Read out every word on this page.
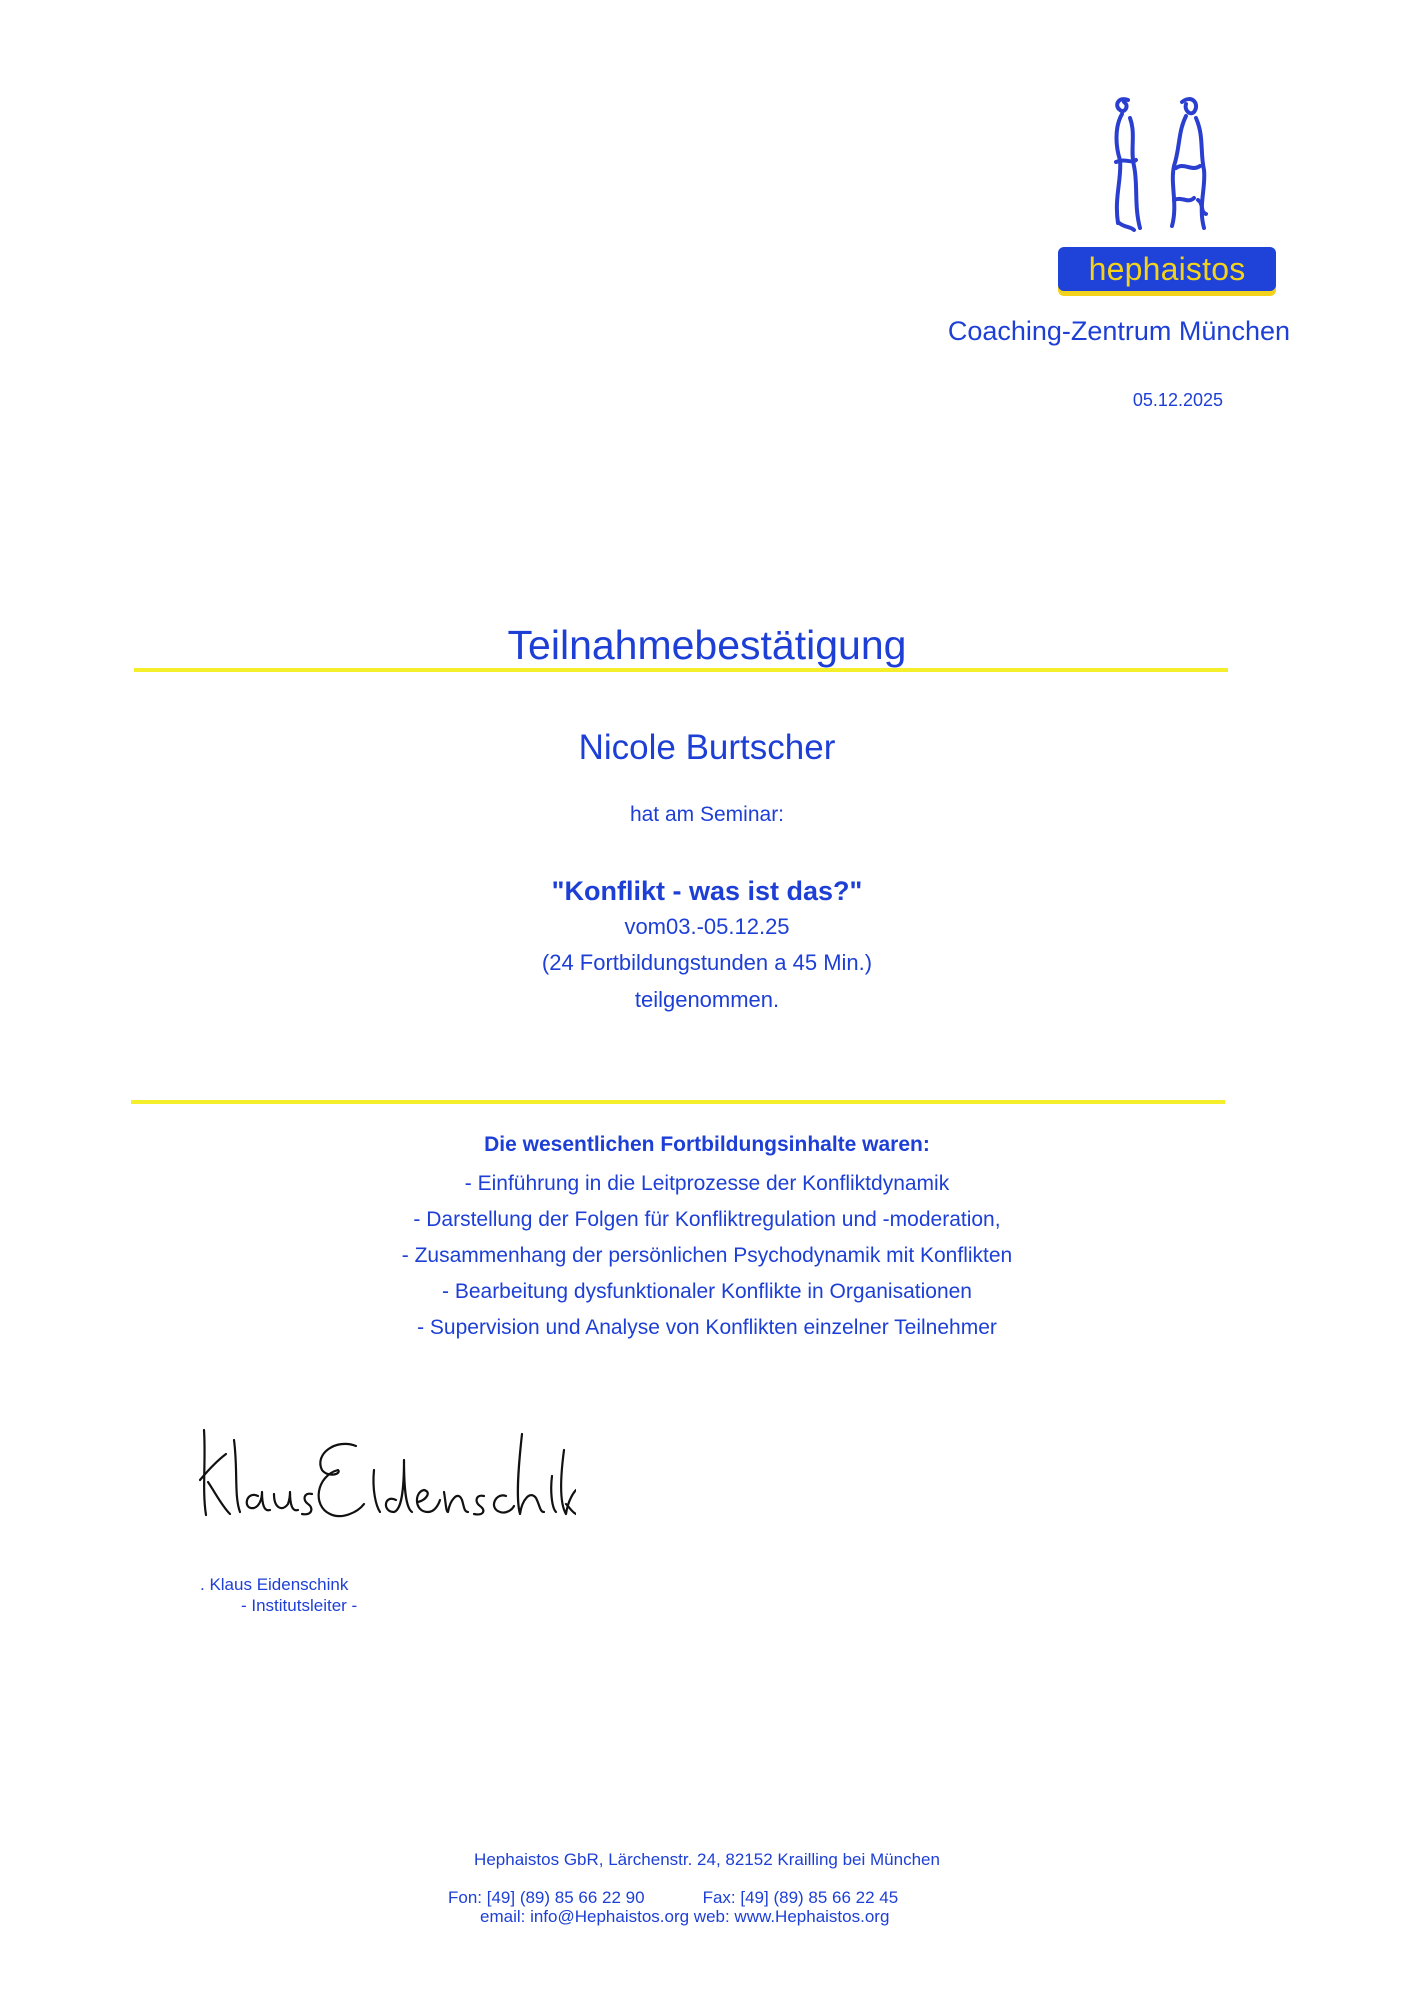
hephaistos
Coaching-Zentrum München
05.12.2025
Teilnahmebestätigung
Nicole Burtscher
hat am Seminar:
"Konflikt - was ist das?"
vom03.-05.12.25
(24 Fortbildungstunden a 45 Min.)
teilgenommen.
Die wesentlichen Fortbildungsinhalte waren:
- Einführung in die Leitprozesse der Konfliktdynamik
- Darstellung der Folgen für Konfliktregulation und -moderation,
- Zusammenhang der persönlichen Psychodynamik mit Konflikten
- Bearbeitung dysfunktionaler Konflikte in Organisationen
- Supervision und Analyse von Konflikten einzelner Teilnehmer
. Klaus Eidenschink
- Institutsleiter -
Hephaistos GbR, Lärchenstr. 24, 82152 Krailling bei München
Fon: [49] (89) 85 66 22 90	Fax: [49] (89) 85 66 22 45
email: info@Hephaistos.org web: www.Hephaistos.org
